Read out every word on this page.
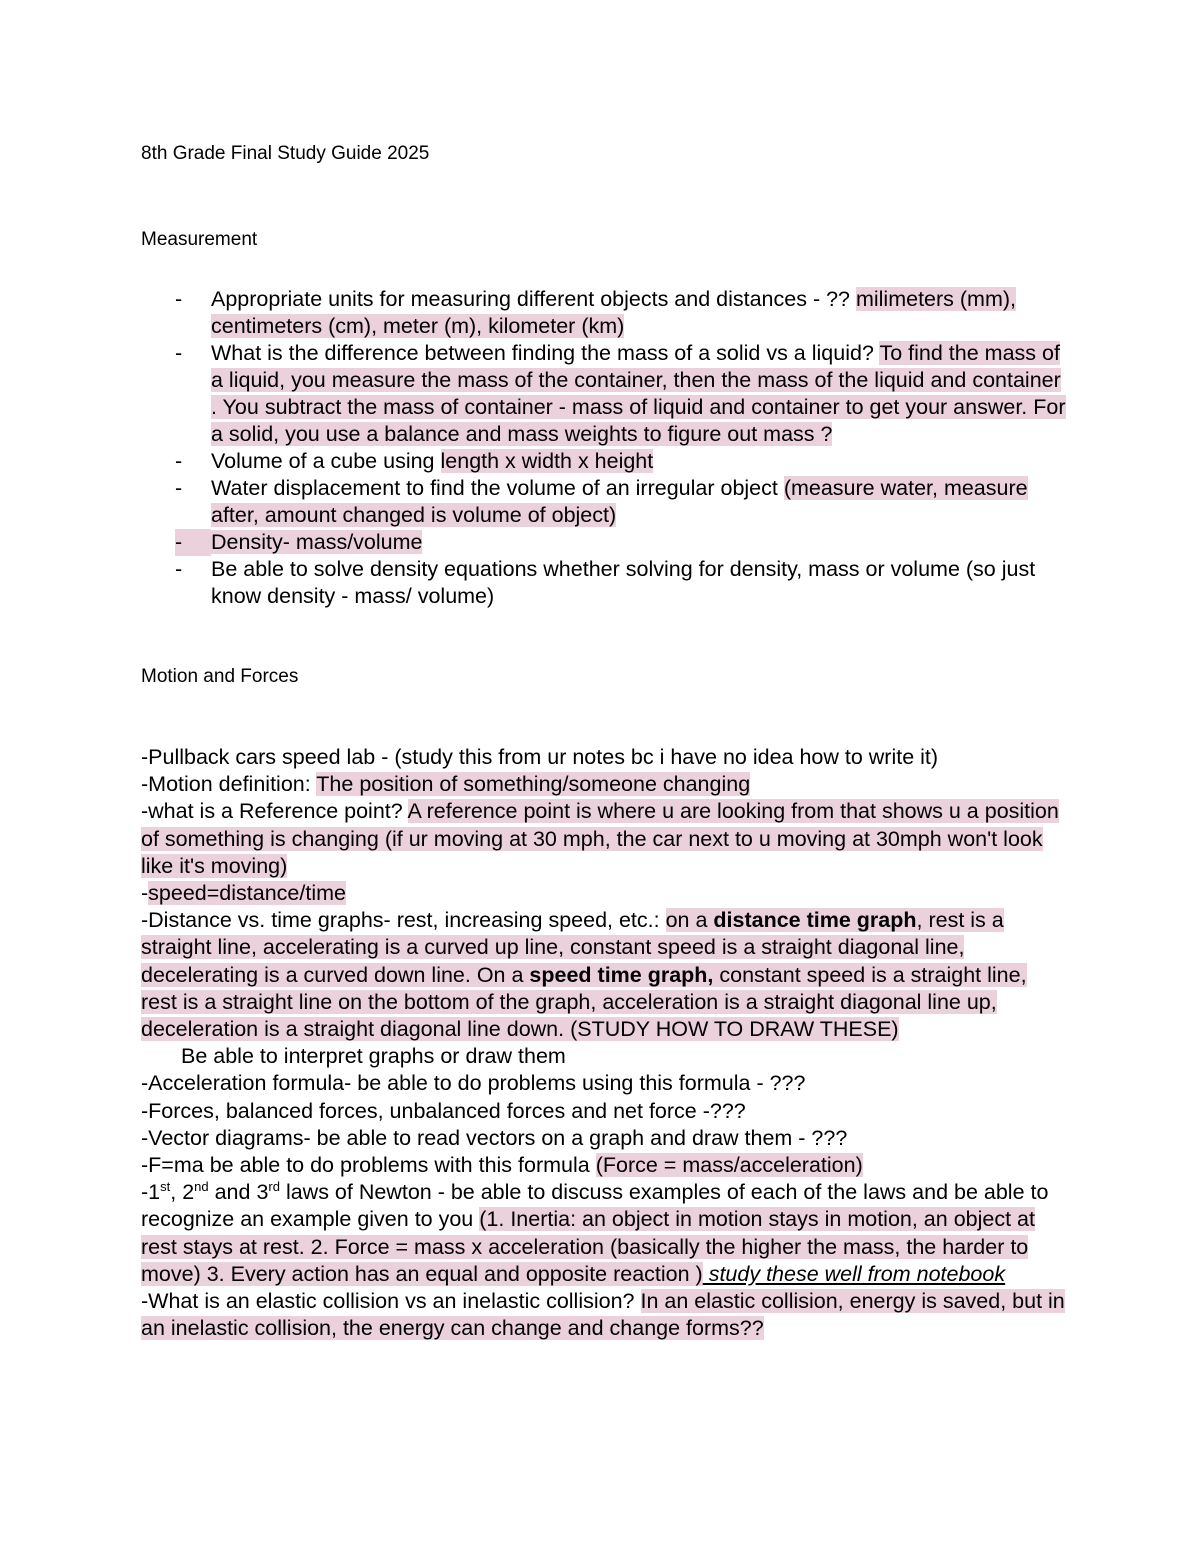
8th Grade Final Study Guide 2025
Measurement
-	Appropriate units for measuring different objects and distances - ?? milimeters (mm), centimeters (cm), meter (m), kilometer (km)
-	What is the difference between finding the mass of a solid vs a liquid? To find the mass of a liquid, you measure the mass of the container, then the mass of the liquid and container . You subtract the mass of container - mass of liquid and container to get your answer. For a solid, you use a balance and mass weights to figure out mass ?
-	Volume of a cube using length x width x height
-	Water displacement to find the volume of an irregular object (measure water, measure after, amount changed is volume of object)
-	Density- mass/volume
-	Be able to solve density equations whether solving for density, mass or volume (so just know density - mass/ volume)
Motion and Forces
-Pullback cars speed lab - (study this from ur notes bc i have no idea how to write it)
-Motion definition: The position of something/someone changing
-what is a Reference point? A reference point is where u are looking from that shows u a position of something is changing (if ur moving at 30 mph, the car next to u moving at 30mph won't look like it's moving)
-speed=distance/time
-Distance vs. time graphs- rest, increasing speed, etc.: on a distance time graph, rest is a straight line, accelerating is a curved up line, constant speed is a straight diagonal line, decelerating is a curved down line. On a speed time graph, constant speed is a straight line, rest is a straight line on the bottom of the graph, acceleration is a straight diagonal line up, deceleration is a straight diagonal line down. (STUDY HOW TO DRAW THESE)
Be able to interpret graphs or draw them
-Acceleration formula- be able to do problems using this formula - ???
-Forces, balanced forces, unbalanced forces and net force -???
-Vector diagrams- be able to read vectors on a graph and draw them - ???
-F=ma be able to do problems with this formula (Force = mass/acceleration)
-1st, 2nd and 3rd laws of Newton - be able to discuss examples of each of the laws and be able to recognize an example given to you (1. Inertia: an object in motion stays in motion, an object at rest stays at rest. 2. Force = mass x acceleration (basically the higher the mass, the harder to move) 3. Every action has an equal and opposite reaction ) study these well from notebook
-What is an elastic collision vs an inelastic collision? In an elastic collision, energy is saved, but in an inelastic collision, the energy can change and change forms??
